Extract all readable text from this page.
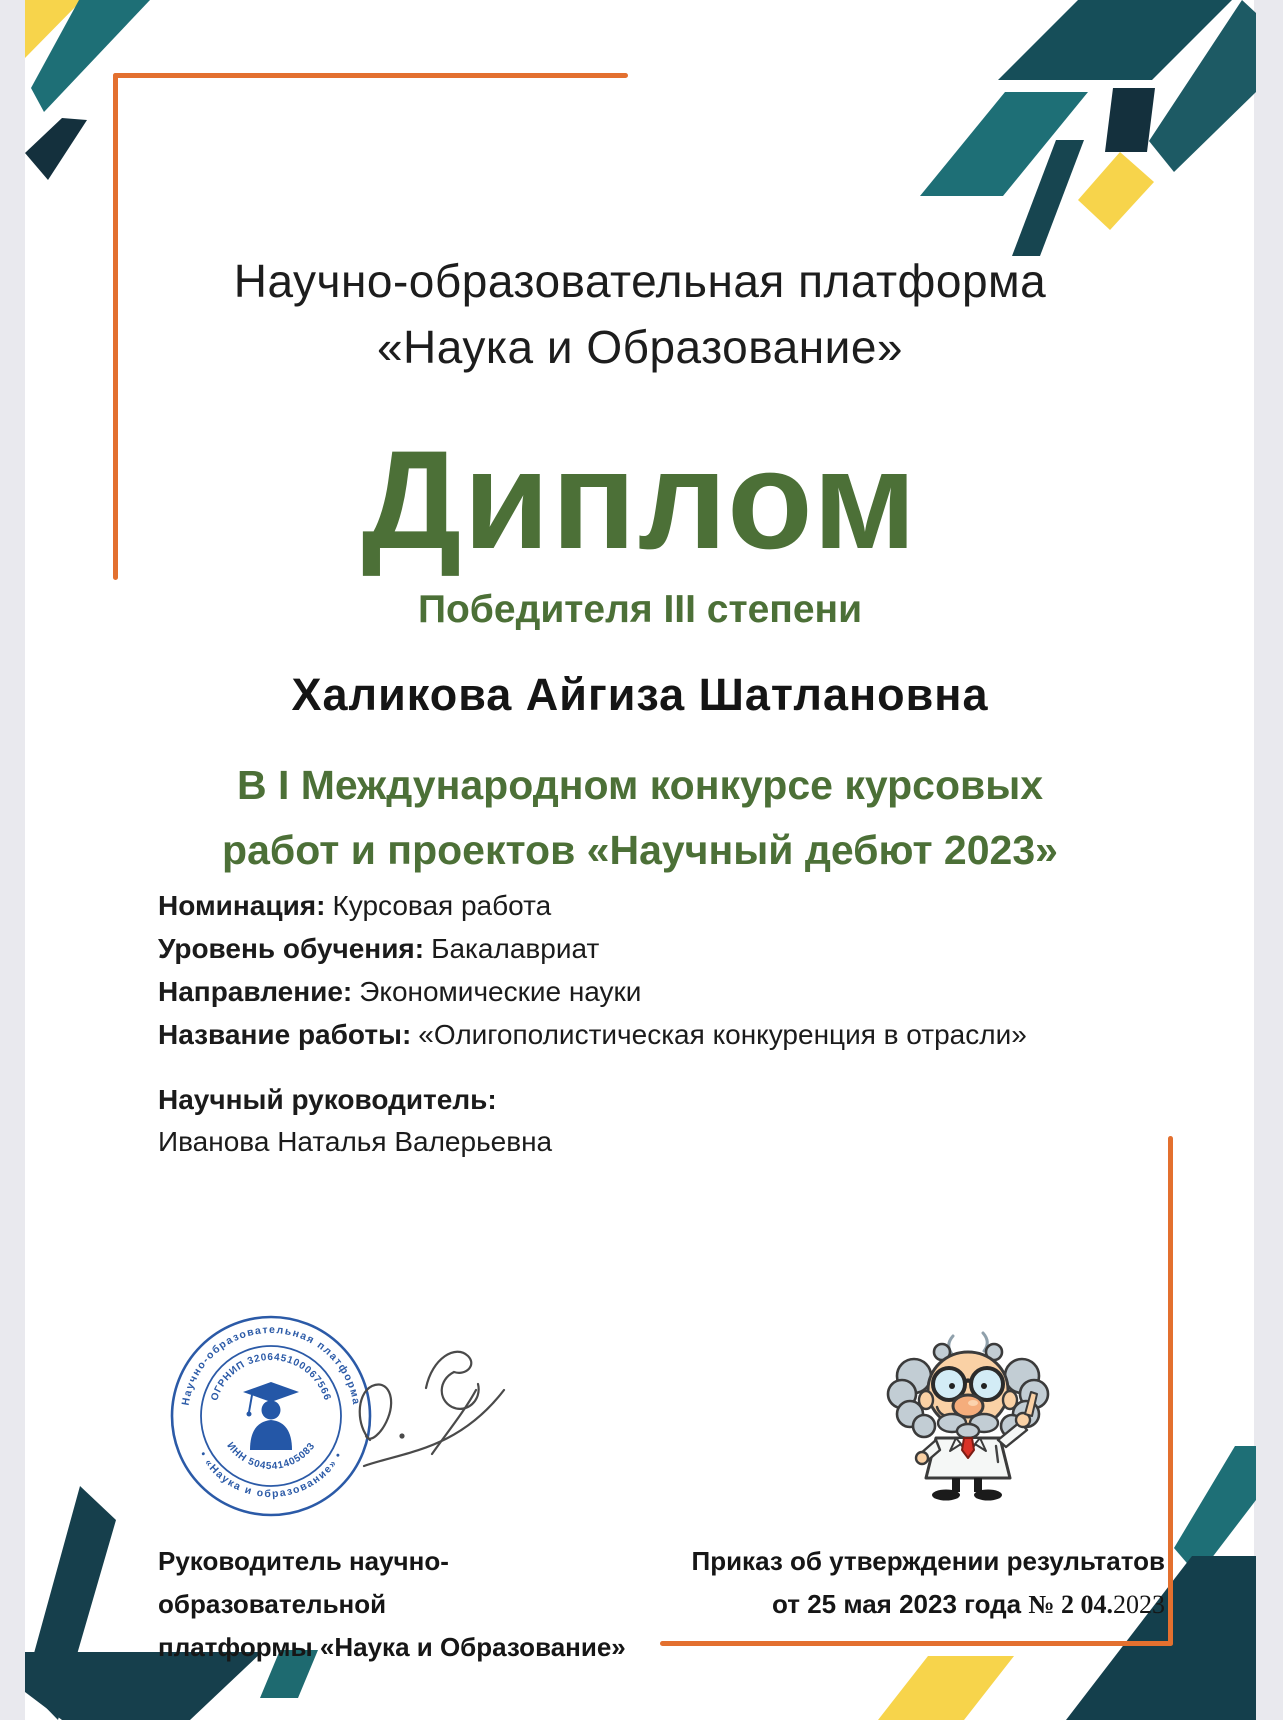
Научно-образовательная платформа
«Наука и Образование»
Диплом
Победителя III степени
Халикова Айгиза Шатлановна
В I Международном конкурсе курсовых
работ и проектов «Научный дебют 2023»
Номинация: Курсовая работа
Уровень обучения: Бакалавриат
Направление: Экономические науки
Название работы: «Олигополистическая конкуренция в отрасли»
Научный руководитель:
Иванова Наталья Валерьевна
Научно-образовательная платформа
• «Наука и образование» •
ОГРНИП 320645100067566
ИНН 504541405083
Руководитель научно-образовательной
платформы «Наука и Образование»
Приказ об утверждении результатов
от 25 мая 2023 года № 2 04.2023
